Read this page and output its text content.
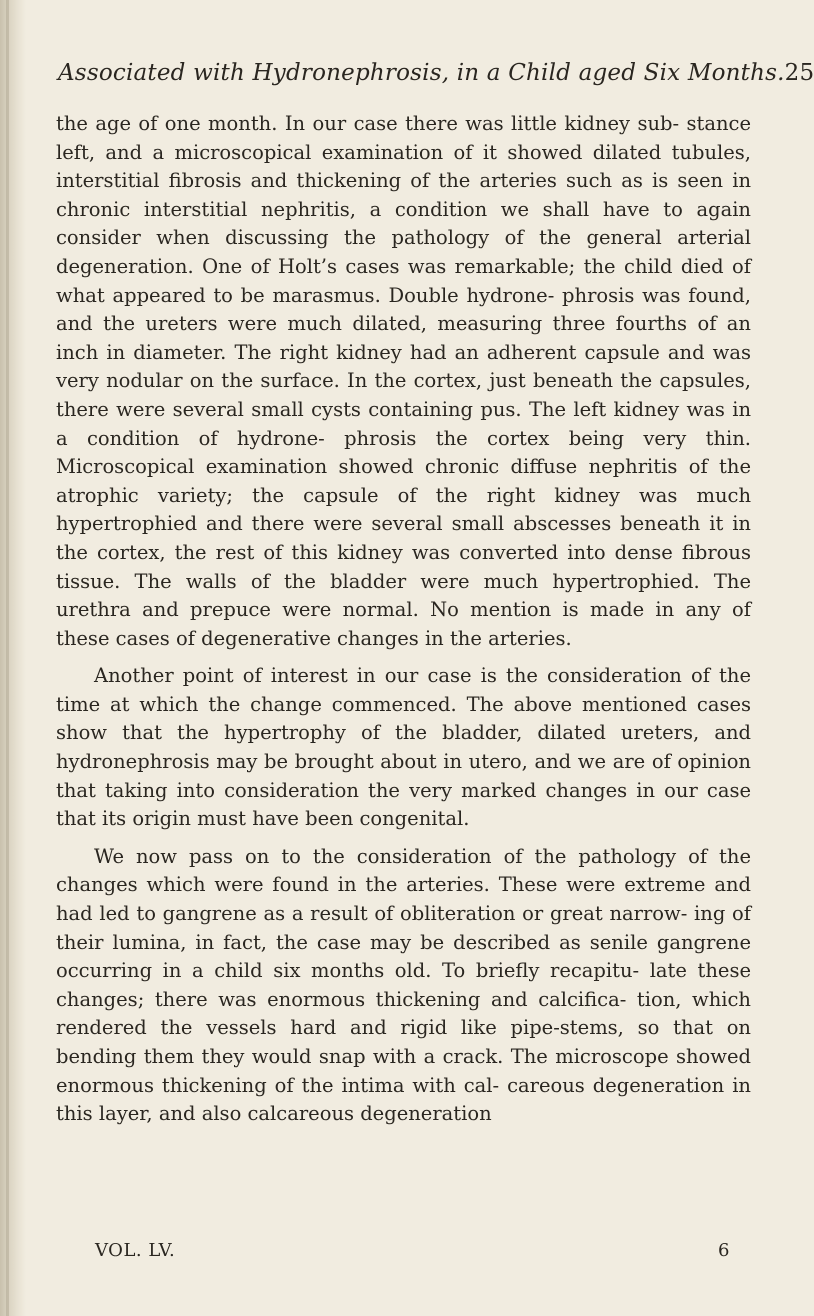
Associated with Hydronephrosis, in a Child aged Six Months. 25

the age of one month. In our case there was little kidney sub- stance left, and a microscopical examination of it showed dilated tubules, interstitial fibrosis and thickening of the arteries such as is seen in chronic interstitial nephritis, a condition we shall have to again consider when discussing the pathology of the general arterial degeneration. One of Holt’s cases was remarkable; the child died of what appeared to be marasmus. Double hydrone- phrosis was found, and the ureters were much dilated, measuring three fourths of an inch in diameter. The right kidney had an adherent capsule and was very nodular on the surface. In the cortex, just beneath the capsules, there were several small cysts containing pus. The left kidney was in a condition of hydrone- phrosis the cortex being very thin. Microscopical examination showed chronic diffuse nephritis of the atrophic variety; the capsule of the right kidney was much hypertrophied and there were several small abscesses beneath it in the cortex, the rest of this kidney was converted into dense fibrous tissue. The walls of the bladder were much hypertrophied. The urethra and prepuce were normal. No mention is made in any of these cases of degenerative changes in the arteries.

Another point of interest in our case is the consideration of the time at which the change commenced. The above mentioned cases show that the hypertrophy of the bladder, dilated ureters, and hydronephrosis may be brought about in utero, and we are of opinion that taking into consideration the very marked changes in our case that its origin must have been congenital.

We now pass on to the consideration of the pathology of the changes which were found in the arteries. These were extreme and had led to gangrene as a result of obliteration or great narrow- ing of their lumina, in fact, the case may be described as senile gangrene occurring in a child six months old. To briefly recapitu- late these changes; there was enormous thickening and calcifica- tion, which rendered the vessels hard and rigid like pipe-stems, so that on bending them they would snap with a crack. The microscope showed enormous thickening of the intima with cal- careous degeneration in this layer, and also calcareous degeneration

VOL. LV.	6
